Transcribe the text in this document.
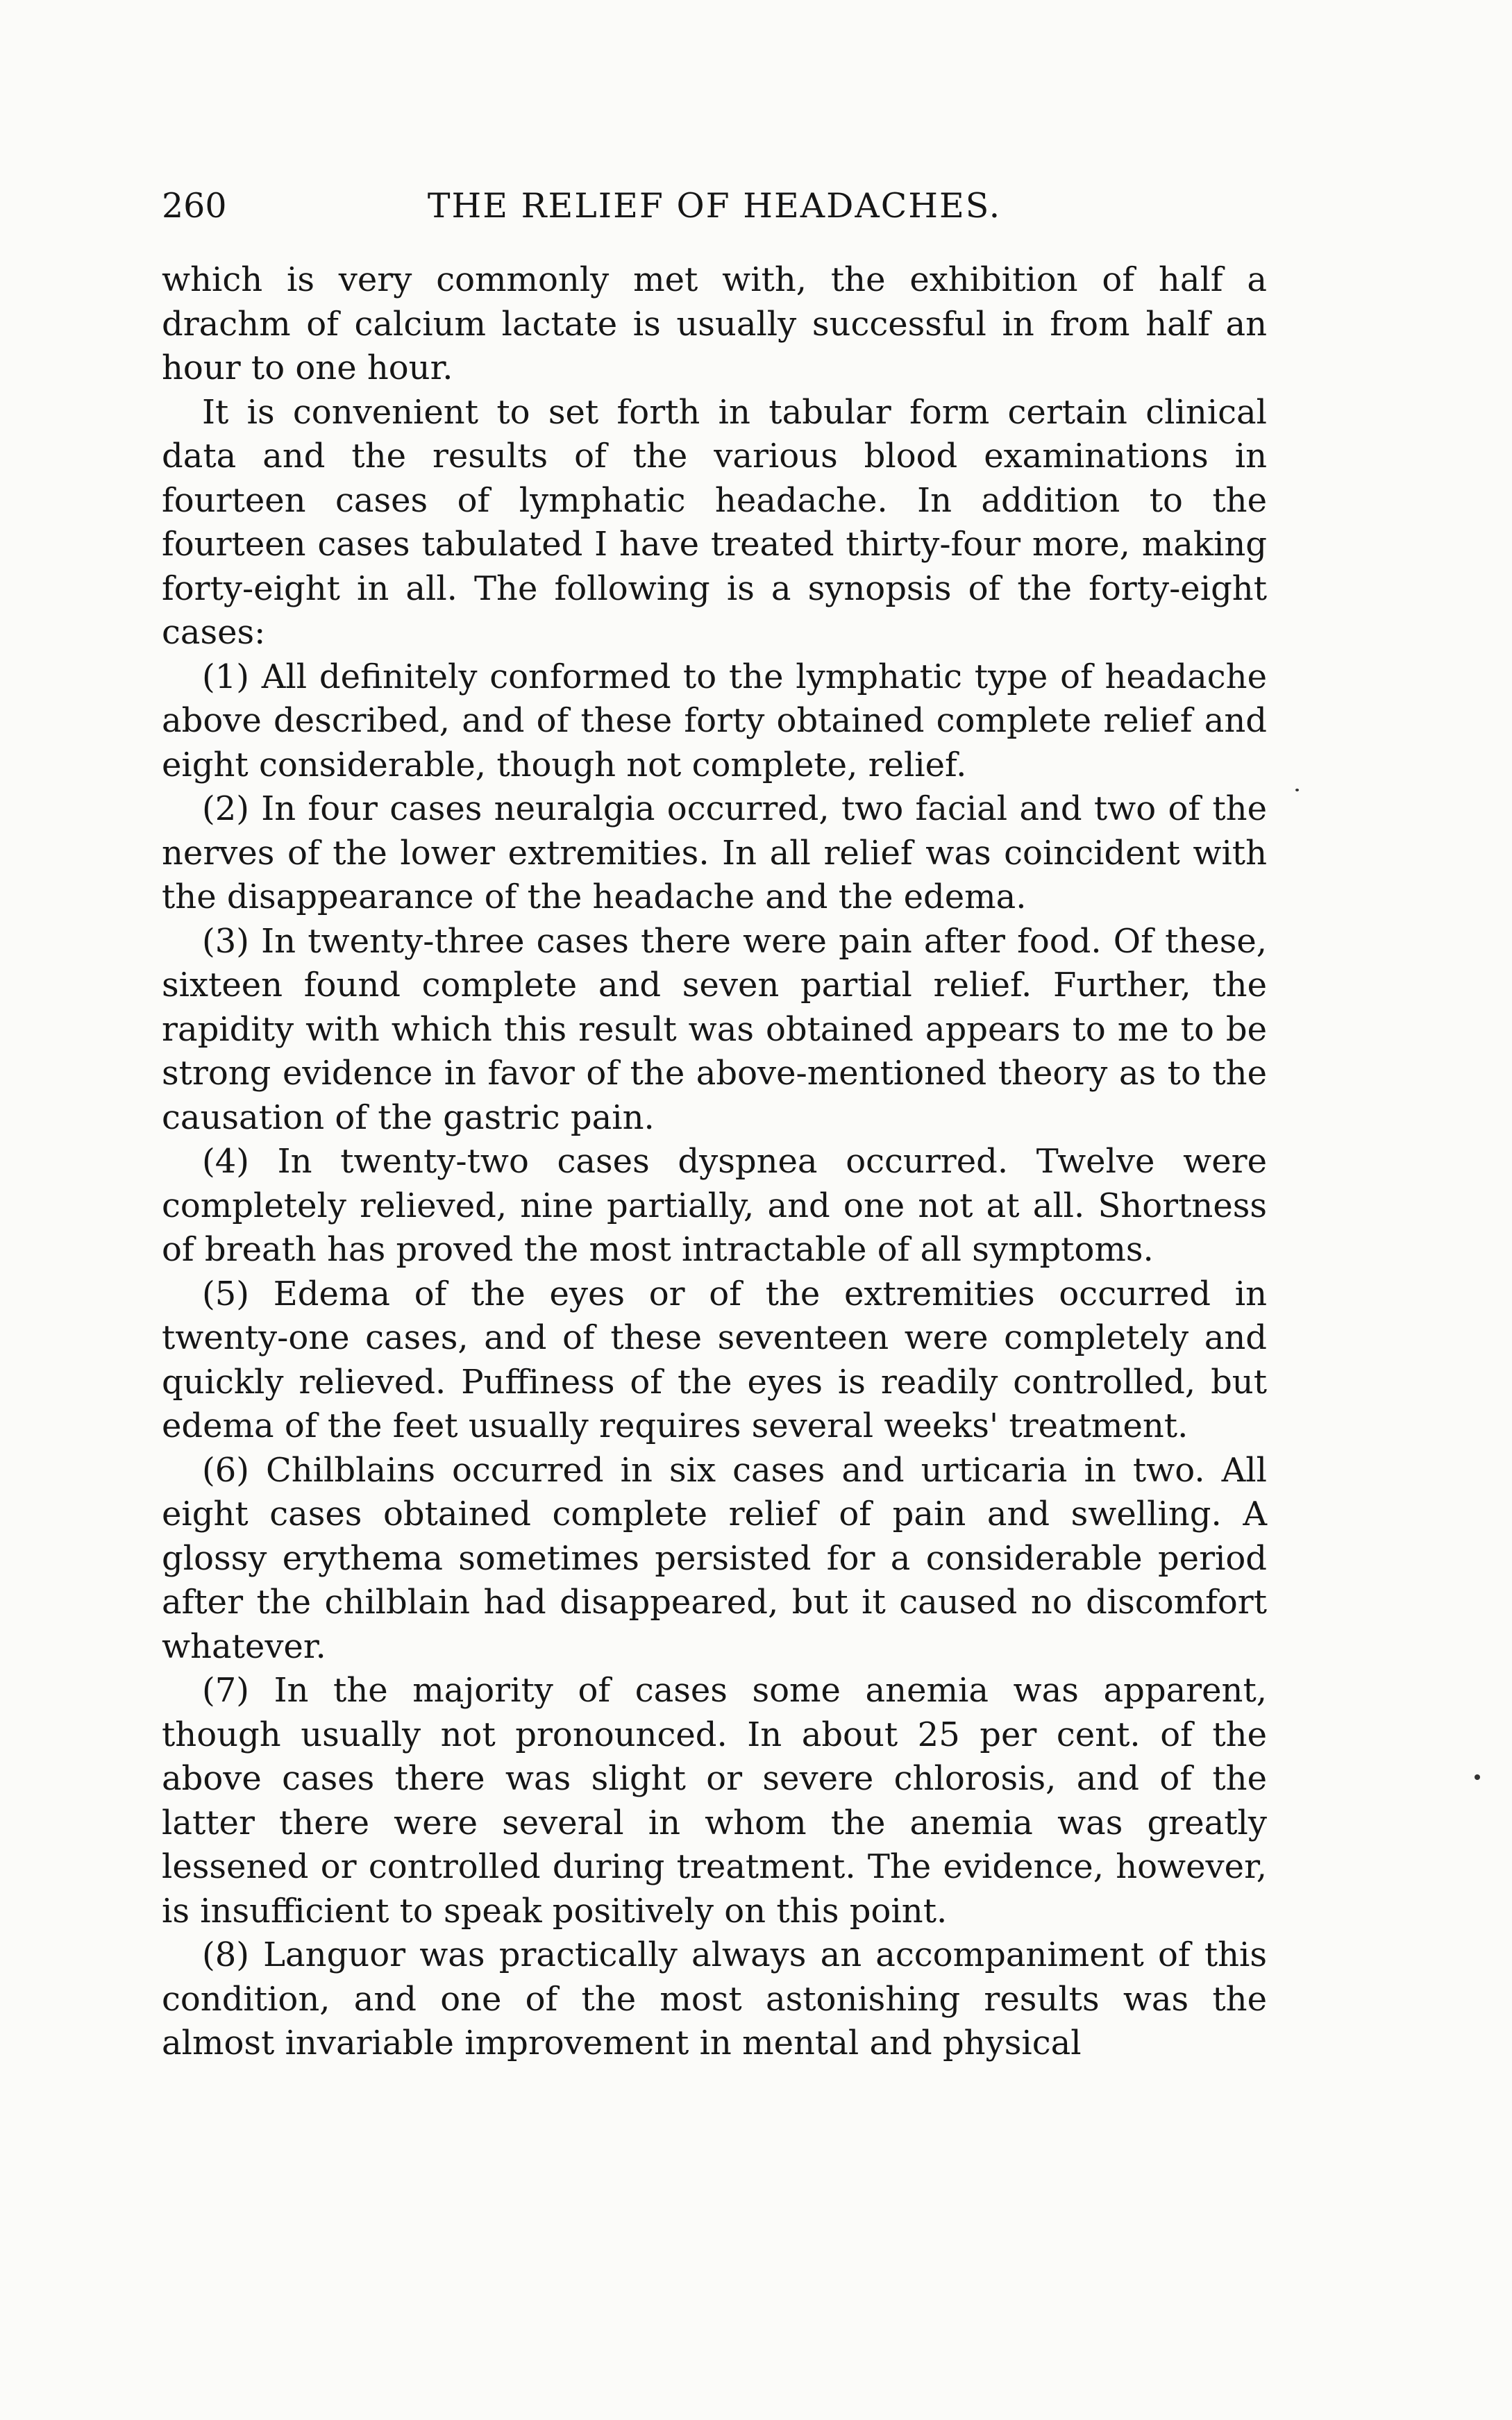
260	THE RELIEF OF HEADACHES.

which is very commonly met with, the exhibition of half a drachm of calcium lactate is usually successful in from half an hour to one hour.

It is convenient to set forth in tabular form certain clinical data and the results of the various blood examinations in fourteen cases of lymphatic headache. In addition to the fourteen cases tabulated I have treated thirty-four more, making forty-eight in all. The following is a synopsis of the forty-eight cases:

(1) All definitely conformed to the lymphatic type of headache above described, and of these forty obtained complete relief and eight considerable, though not complete, relief.

(2) In four cases neuralgia occurred, two facial and two of the nerves of the lower extremities. In all relief was coincident with the disappearance of the headache and the edema.

(3) In twenty-three cases there were pain after food. Of these, sixteen found complete and seven partial relief. Further, the rapidity with which this result was obtained appears to me to be strong evidence in favor of the above-mentioned theory as to the causation of the gastric pain.

(4) In twenty-two cases dyspnea occurred. Twelve were completely relieved, nine partially, and one not at all. Shortness of breath has proved the most intractable of all symptoms.

(5) Edema of the eyes or of the extremities occurred in twenty-one cases, and of these seventeen were completely and quickly relieved. Puffiness of the eyes is readily controlled, but edema of the feet usually requires several weeks' treatment.

(6) Chilblains occurred in six cases and urticaria in two. All eight cases obtained complete relief of pain and swelling. A glossy erythema sometimes persisted for a considerable period after the chilblain had disappeared, but it caused no discomfort whatever.

(7) In the majority of cases some anemia was apparent, though usually not pronounced. In about 25 per cent. of the above cases there was slight or severe chlorosis, and of the latter there were several in whom the anemia was greatly lessened or controlled during treatment. The evidence, however, is insufficient to speak positively on this point.

(8) Languor was practically always an accompaniment of this condition, and one of the most astonishing results was the almost invariable improvement in mental and physical
